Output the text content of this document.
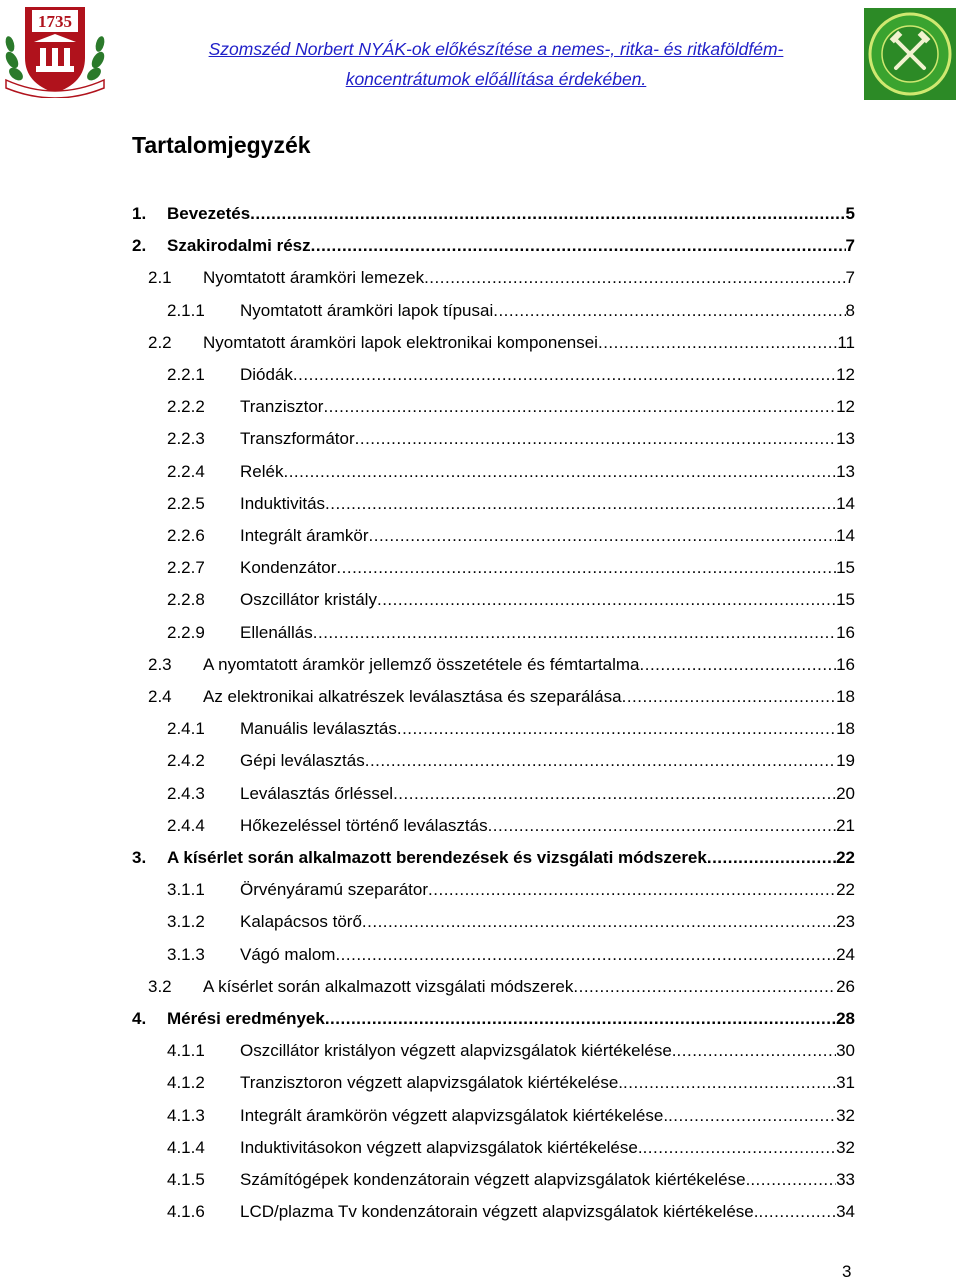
1735
Szomszéd Norbert NYÁK-ok előkészítése a nemes-, ritka- és ritkaföldfém-
koncentrátumok előállítása érdekében.
Tartalomjegyzék
1. Bevezetés .....	5
2. Szakirodalmi rész .....	7
2.1 Nyomtatott áramköri lemezek .....	7
2.1.1 Nyomtatott áramköri lapok típusai .....	8
2.2 Nyomtatott áramköri lapok elektronikai komponensei .....	11
2.2.1 Diódák .....	12
2.2.2 Tranzisztor .....	12
2.2.3 Transzformátor .....	13
2.2.4 Relék .....	13
2.2.5 Induktivitás .....	14
2.2.6 Integrált áramkör .....	14
2.2.7 Kondenzátor .....	15
2.2.8 Oszcillátor kristály .....	15
2.2.9 Ellenállás .....	16
2.3 A nyomtatott áramkör jellemző összetétele és fémtartalma .....	16
2.4 Az elektronikai alkatrészek leválasztása és szeparálása .....	18
2.4.1 Manuális leválasztás .....	18
2.4.2 Gépi leválasztás .....	19
2.4.3 Leválasztás őrléssel .....	20
2.4.4 Hőkezeléssel történő leválasztás .....	21
3. A kísérlet során alkalmazott berendezések és vizsgálati módszerek .....	22
3.1.1 Örvényáramú szeparátor .....	22
3.1.2 Kalapácsos törő .....	23
3.1.3 Vágó malom .....	24
3.2 A kísérlet során alkalmazott vizsgálati módszerek .....	26
4. Mérési eredmények .....	28
4.1.1 Oszcillátor kristályon végzett alapvizsgálatok kiértékelése. .....	30
4.1.2 Tranzisztoron végzett alapvizsgálatok kiértékelése. .....	31
4.1.3 Integrált áramkörön végzett alapvizsgálatok kiértékelése. .....	32
4.1.4 Induktivitásokon végzett alapvizsgálatok kiértékelése. .....	32
4.1.5 Számítógépek kondenzátorain végzett alapvizsgálatok kiértékelése. .....	33
4.1.6 LCD/plazma Tv kondenzátorain végzett alapvizsgálatok kiértékelése. .....	34
3
